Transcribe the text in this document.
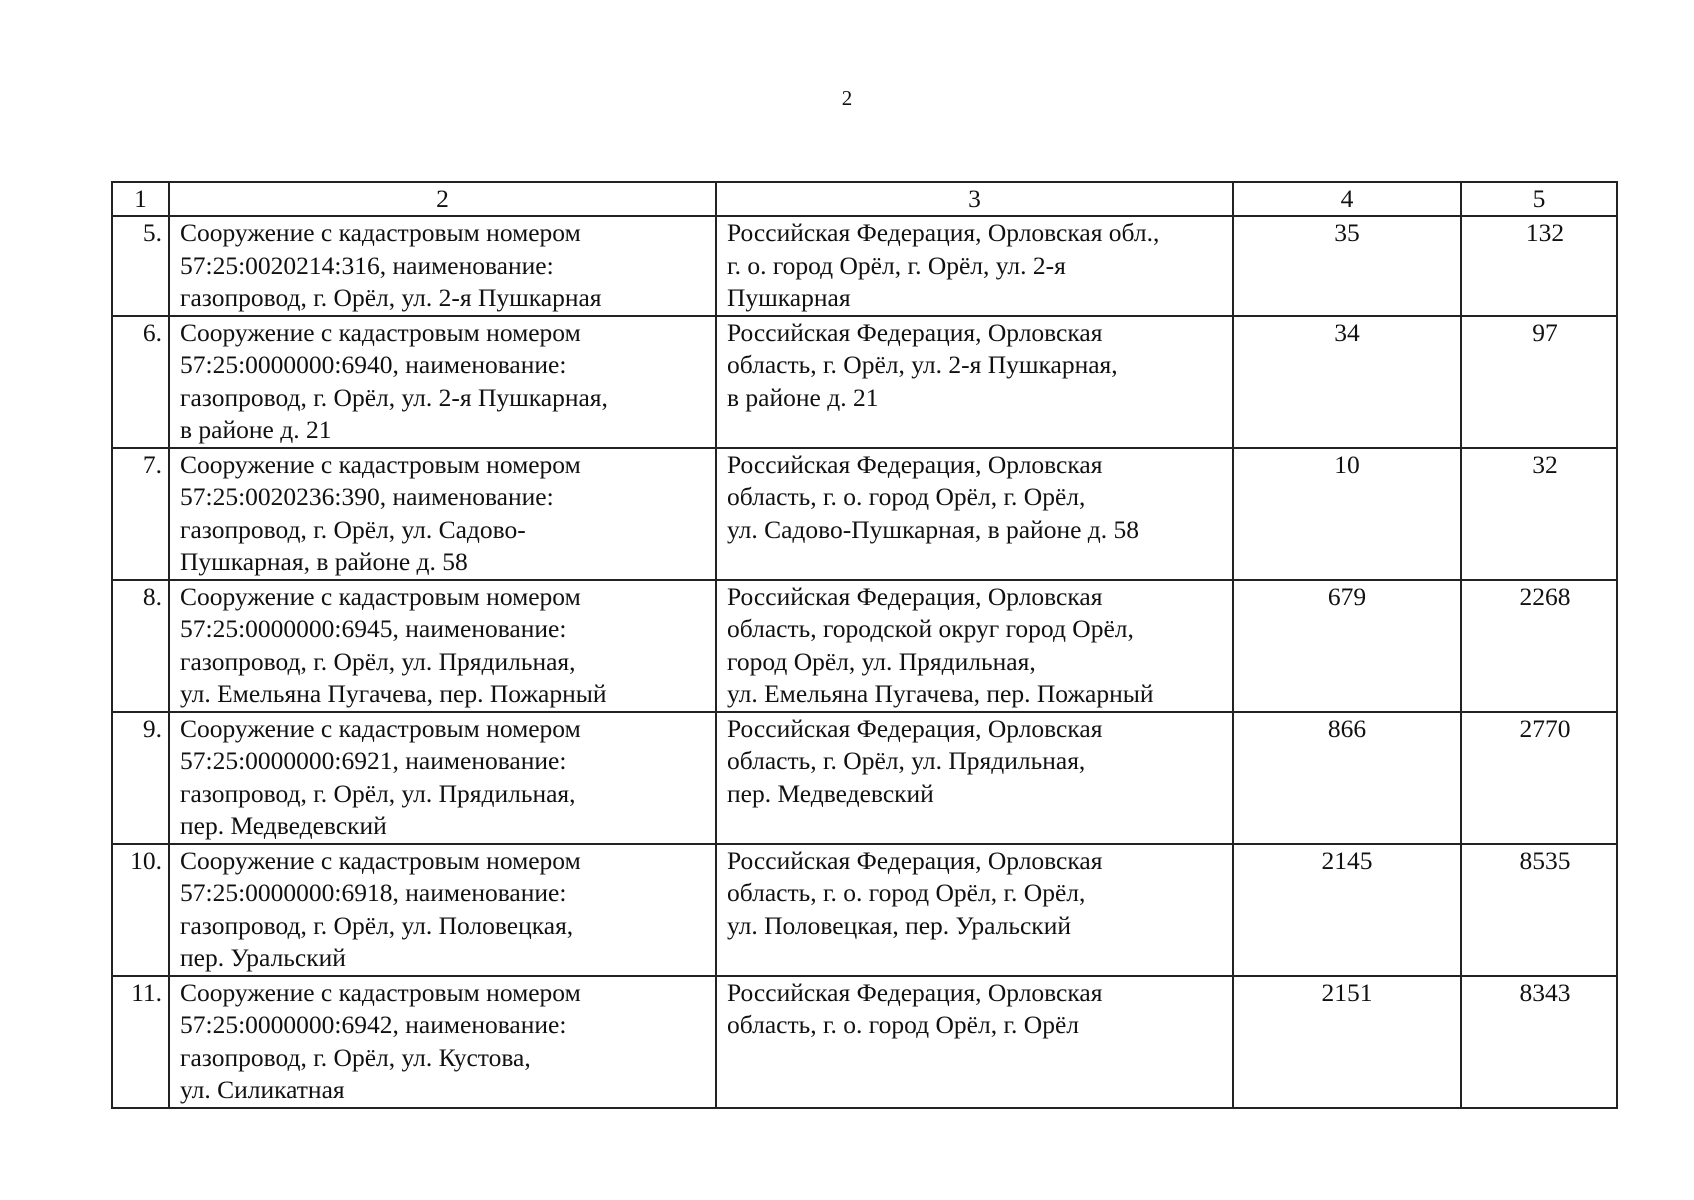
2
1	2	3	4	5
5.	Сооружение с кадастровым номером
57:25:0020214:316, наименование:
газопровод, г. Орёл, ул. 2-я Пушкарная	Российская Федерация, Орловская обл.,
г. о. город Орёл, г. Орёл, ул. 2-я
Пушкарная	35	132
6.	Сооружение с кадастровым номером
57:25:0000000:6940, наименование:
газопровод, г. Орёл, ул. 2-я Пушкарная,
в районе д. 21	Российская Федерация, Орловская
область, г. Орёл, ул. 2-я Пушкарная,
в районе д. 21	34	97
7.	Сооружение с кадастровым номером
57:25:0020236:390, наименование:
газопровод, г. Орёл, ул. Садово-
Пушкарная, в районе д. 58	Российская Федерация, Орловская
область, г. о. город Орёл, г. Орёл,
ул. Садово-Пушкарная, в районе д. 58	10	32
8.	Сооружение с кадастровым номером
57:25:0000000:6945, наименование:
газопровод, г. Орёл, ул. Прядильная,
ул. Емельяна Пугачева, пер. Пожарный	Российская Федерация, Орловская
область, городской округ город Орёл,
город Орёл, ул. Прядильная,
ул. Емельяна Пугачева, пер. Пожарный	679	2268
9.	Сооружение с кадастровым номером
57:25:0000000:6921, наименование:
газопровод, г. Орёл, ул. Прядильная,
пер. Медведевский	Российская Федерация, Орловская
область, г. Орёл, ул. Прядильная,
пер. Медведевский	866	2770
10.	Сооружение с кадастровым номером
57:25:0000000:6918, наименование:
газопровод, г. Орёл, ул. Половецкая,
пер. Уральский	Российская Федерация, Орловская
область, г. о. город Орёл, г. Орёл,
ул. Половецкая, пер. Уральский	2145	8535
11.	Сооружение с кадастровым номером
57:25:0000000:6942, наименование:
газопровод, г. Орёл, ул. Кустова,
ул. Силикатная	Российская Федерация, Орловская
область, г. о. город Орёл, г. Орёл	2151	8343
